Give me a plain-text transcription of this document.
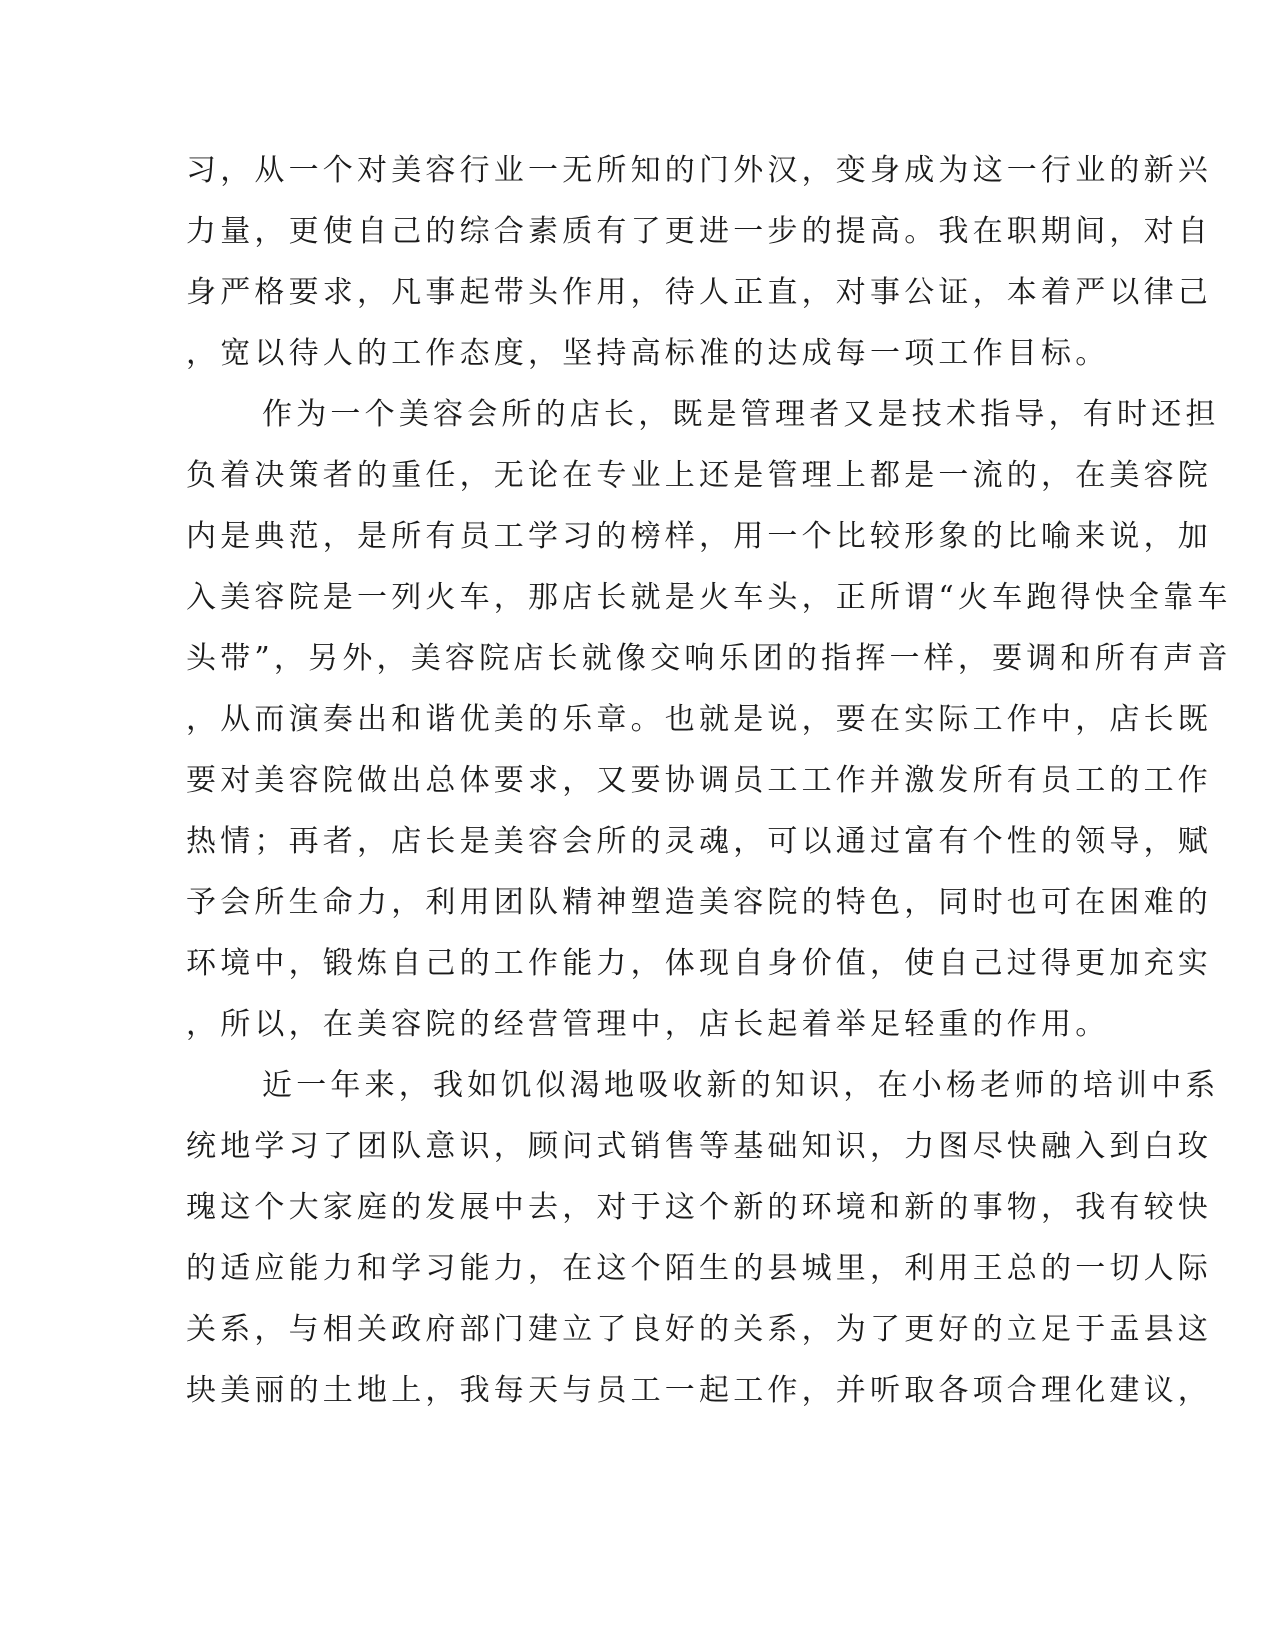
习，从一个对美容行业一无所知的门外汉，变身成为这一行业的新兴
力量，更使自己的综合素质有了更进一步的提高。我在职期间，对自
身严格要求，凡事起带头作用，待人正直，对事公证，本着严以律己
，宽以待人的工作态度，坚持高标准的达成每一项工作目标。
作为一个美容会所的店长，既是管理者又是技术指导，有时还担
负着决策者的重任，无论在专业上还是管理上都是一流的，在美容院
内是典范，是所有员工学习的榜样，用一个比较形象的比喻来说，加
入美容院是一列火车，那店长就是火车头，正所谓“火车跑得快全靠车
头带”，另外，美容院店长就像交响乐团的指挥一样，要调和所有声音
，从而演奏出和谐优美的乐章。也就是说，要在实际工作中，店长既
要对美容院做出总体要求，又要协调员工工作并激发所有员工的工作
热情；再者，店长是美容会所的灵魂，可以通过富有个性的领导，赋
予会所生命力，利用团队精神塑造美容院的特色，同时也可在困难的
环境中，锻炼自己的工作能力，体现自身价值，使自己过得更加充实
，所以，在美容院的经营管理中，店长起着举足轻重的作用。
近一年来，我如饥似渴地吸收新的知识，在小杨老师的培训中系
统地学习了团队意识，顾问式销售等基础知识，力图尽快融入到白玫
瑰这个大家庭的发展中去，对于这个新的环境和新的事物，我有较快
的适应能力和学习能力，在这个陌生的县城里，利用王总的一切人际
关系，与相关政府部门建立了良好的关系，为了更好的立足于盂县这
块美丽的土地上，我每天与员工一起工作，并听取各项合理化建议，
